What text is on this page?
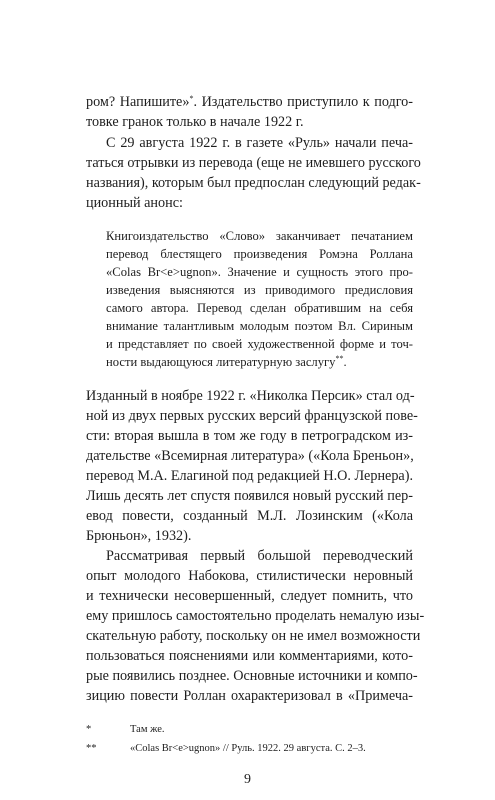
ром? Напишите»*. Издательство приступило к подго-
товке гранок только в начале 1922 г.
С 29 августа 1922 г. в газете «Руль» начали печа-
таться отрывки из перевода (еще не имевшего русского
названия), которым был предпослан следующий редак-
ционный анонс:
Книгоиздательство «Слово» заканчивает печатанием
перевод блестящего произведения Ромэна Роллана
«Colas Br<e>ugnon». Значение и сущность этого про-
изведения выясняются из приводимого предисловия
самого автора. Перевод сделан обратившим на себя
внимание талантливым молодым поэтом Вл. Сириным
и представляет по своей художественной форме и точ-
ности выдающуюся литературную заслугу**.
Изданный в ноябре 1922 г. «Николка Персик» стал од-
ной из двух первых русских версий французской пове-
сти: вторая вышла в том же году в петроградском из-
дательстве «Всемирная литература» («Кола Бреньон»,
перевод М.А. Елагиной под редакцией Н.О. Лернера).
Лишь десять лет спустя появился новый русский пер-
евод повести, созданный М.Л. Лозинским («Кола
Брюньон», 1932).
Рассматривая первый большой переводческий
опыт молодого Набокова, стилистически неровный
и технически несовершенный, следует помнить, что
ему пришлось самостоятельно проделать немалую изы-
скательную работу, поскольку он не имел возможности
пользоваться пояснениями или комментариями, кото-
рые появились позднее. Основные источники и компо-
зицию повести Роллан охарактеризовал в «Примеча-
*	Там же.
**	«Colas Br<e>ugnon» // Руль. 1922. 29 августа. С. 2–3.
9
